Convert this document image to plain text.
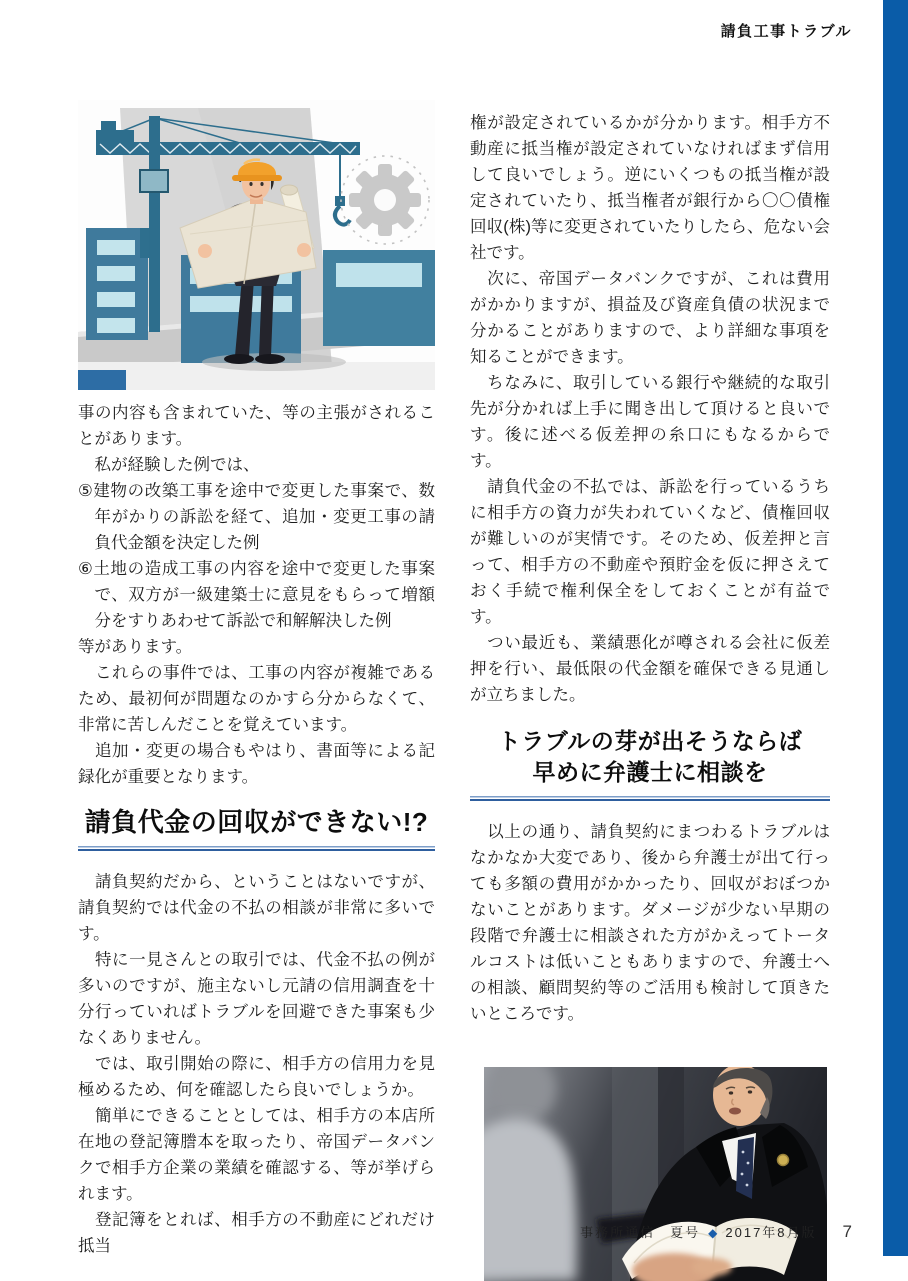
請負工事トラブル

事の内容も含まれていた、等の主張がされることがあります。

　私が経験した例では、

⑤建物の改築工事を途中で変更した事案で、数年がかりの訴訟を経て、追加・変更工事の請負代金額を決定した例

⑥土地の造成工事の内容を途中で変更した事案で、双方が一級建築士に意見をもらって増額分をすりあわせて訴訟で和解解決した例

等があります。

　これらの事件では、工事の内容が複雑であるため、最初何が問題なのかすら分からなくて、非常に苦しんだことを覚えています。

　追加・変更の場合もやはり、書面等による記録化が重要となります。

請負代金の回収ができない!?

　請負契約だから、ということはないですが、請負契約では代金の不払の相談が非常に多いです。

　特に一見さんとの取引では、代金不払の例が多いのですが、施主ないし元請の信用調査を十分行っていればトラブルを回避できた事案も少なくありません。

　では、取引開始の際に、相手方の信用力を見極めるため、何を確認したら良いでしょうか。

　簡単にできることとしては、相手方の本店所在地の登記簿謄本を取ったり、帝国データバンクで相手方企業の業績を確認する、等が挙げられます。

　登記簿をとれば、相手方の不動産にどれだけ抵当

権が設定されているかが分かります。相手方不動産に抵当権が設定されていなければまず信用して良いでしょう。逆にいくつもの抵当権が設定されていたり、抵当権者が銀行から〇〇債権回収(株)等に変更されていたりしたら、危ない会社です。

　次に、帝国データバンクですが、これは費用がかかりますが、損益及び資産負債の状況まで分かることがありますので、より詳細な事項を知ることができます。

　ちなみに、取引している銀行や継続的な取引先が分かれば上手に聞き出して頂けると良いです。後に述べる仮差押の糸口にもなるからです。

　請負代金の不払では、訴訟を行っているうちに相手方の資力が失われていくなど、債権回収が難しいのが実情です。そのため、仮差押と言って、相手方の不動産や預貯金を仮に押さえておく手続で権利保全をしておくことが有益です。

　つい最近も、業績悪化が噂される会社に仮差押を行い、最低限の代金額を確保できる見通しが立ちました。

トラブルの芽が出そうならば
早めに弁護士に相談を

　以上の通り、請負契約にまつわるトラブルはなかなか大変であり、後から弁護士が出て行っても多額の費用がかかったり、回収がおぼつかないことがあります。ダメージが少ない早期の段階で弁護士に相談された方がかえってトータルコストは低いこともありますので、弁護士への相談、顧問契約等のご活用も検討して頂きたいところです。

事務所通信　夏号 ◆ 2017年8月版 7
